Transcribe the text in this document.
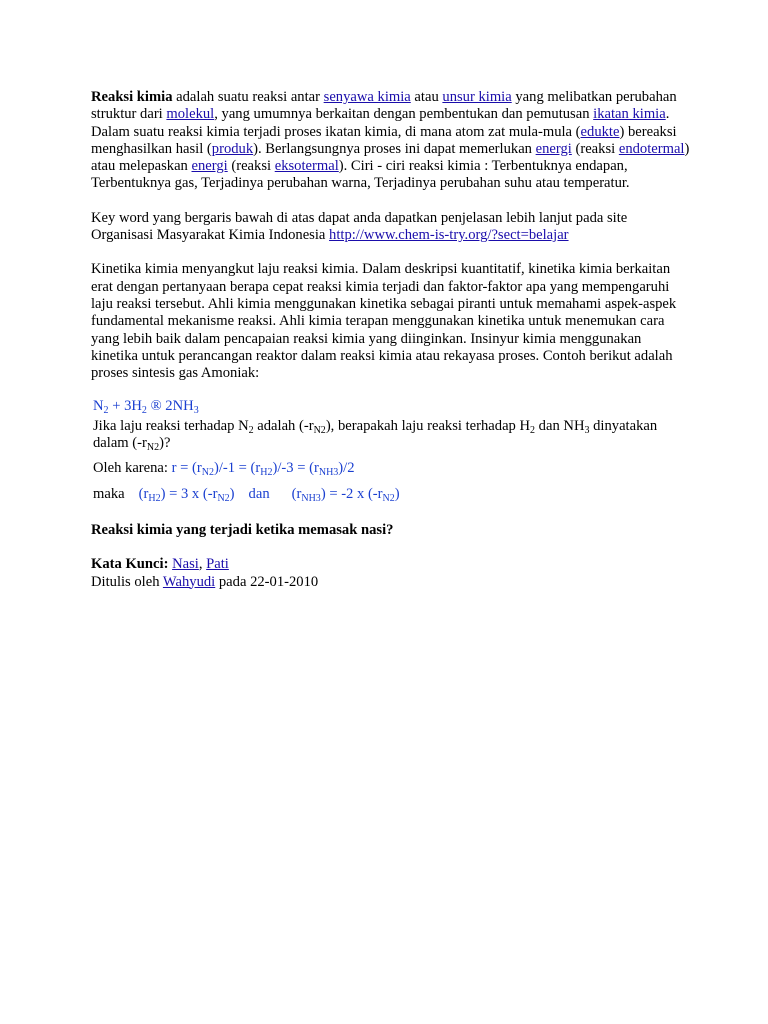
Reaksi kimia adalah suatu reaksi antar senyawa kimia atau unsur kimia yang melibatkan perubahan struktur dari molekul, yang umumnya berkaitan dengan pembentukan dan pemutusan ikatan kimia. Dalam suatu reaksi kimia terjadi proses ikatan kimia, di mana atom zat mula-mula (edukte) bereaksi menghasilkan hasil (produk). Berlangsungnya proses ini dapat memerlukan energi (reaksi endotermal) atau melepaskan energi (reaksi eksotermal). Ciri - ciri reaksi kimia : Terbentuknya endapan, Terbentuknya gas, Terjadinya perubahan warna, Terjadinya perubahan suhu atau temperatur.

Key word yang bergaris bawah di atas dapat anda dapatkan penjelasan lebih lanjut pada site Organisasi Masyarakat Kimia Indonesia http://www.chem-is-try.org/?sect=belajar

Kinetika kimia menyangkut laju reaksi kimia. Dalam deskripsi kuantitatif, kinetika kimia berkaitan erat dengan pertanyaan berapa cepat reaksi kimia terjadi dan faktor-faktor apa yang mempengaruhi laju reaksi tersebut. Ahli kimia menggunakan kinetika sebagai piranti untuk memahami aspek-aspek fundamental mekanisme reaksi. Ahli kimia terapan menggunakan kinetika untuk menemukan cara yang lebih baik dalam pencapaian reaksi kimia yang diinginkan. Insinyur kimia menggunakan kinetika untuk perancangan reaktor dalam reaksi kimia atau rekayasa proses. Contoh berikut adalah proses sintesis gas Amoniak:

$N_2 + 3H_2$ ® $2NH_3$

Jika laju reaksi terhadap $N_2$ adalah $(-r_{N2})$, berapakah laju reaksi terhadap $H_2$ dan $NH_3$ dinyatakan dalam $(-r_{N2})$?

Oleh karena: $r = (r_{N2})/-1 = (r_{H2})/-3 = (r_{NH3})/2$

maka $(r_{H2}) = 3$ x $(-r_{N2})$ dan $(r_{NH3}) = -2$ x $(-r_{N2})$

Reaksi kimia yang terjadi ketika memasak nasi?

Kata Kunci: Nasi, Pati

Ditulis oleh Wahyudi pada 22-01-2010
